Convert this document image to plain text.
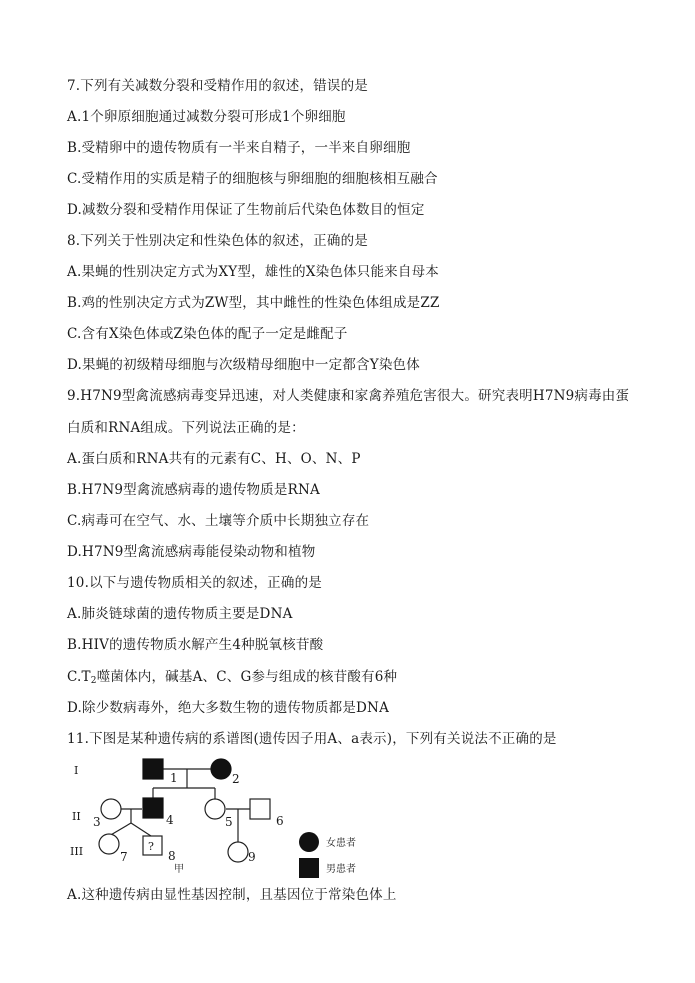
7.下列有关减数分裂和受精作用的叙述，错误的是
A.1个卵原细胞通过减数分裂可形成1个卵细胞
B.受精卵中的遗传物质有一半来自精子，一半来自卵细胞
C.受精作用的实质是精子的细胞核与卵细胞的细胞核相互融合
D.减数分裂和受精作用保证了生物前后代染色体数目的恒定
8.下列关于性别决定和性染色体的叙述，正确的是
A.果蝇的性别决定方式为XY型，雄性的X染色体只能来自母本
B.鸡的性别决定方式为ZW型，其中雌性的性染色体组成是ZZ
C.含有X染色体或Z染色体的配子一定是雌配子
D.果蝇的初级精母细胞与次级精母细胞中一定都含Y染色体
9.H7N9型禽流感病毒变异迅速，对人类健康和家禽养殖危害很大。研究表明H7N9病毒由蛋
白质和RNA组成。下列说法正确的是：
A.蛋白质和RNA共有的元素有C、H、O、N、P
B.H7N9型禽流感病毒的遗传物质是RNA
C.病毒可在空气、水、土壤等介质中长期独立存在
D.H7N9型禽流感病毒能侵染动物和植物
10.以下与遗传物质相关的叙述，正确的是
A.肺炎链球菌的遗传物质主要是DNA
B.HIV的遗传物质水解产生4种脱氧核苷酸
$C.T_2$噬菌体内，碱基A、C、G参与组成的核苷酸有6种
D.除少数病毒外，绝大多数生物的遗传物质都是DNA
11.下图是某种遗传病的系谱图(遗传因子用A、a表示)，下列有关说法不正确的是
I
II
III
1	2
3	4	5	6
7
?
8
甲
9
女患者
男患者
A.这种遗传病由显性基因控制，且基因位于常染色体上
